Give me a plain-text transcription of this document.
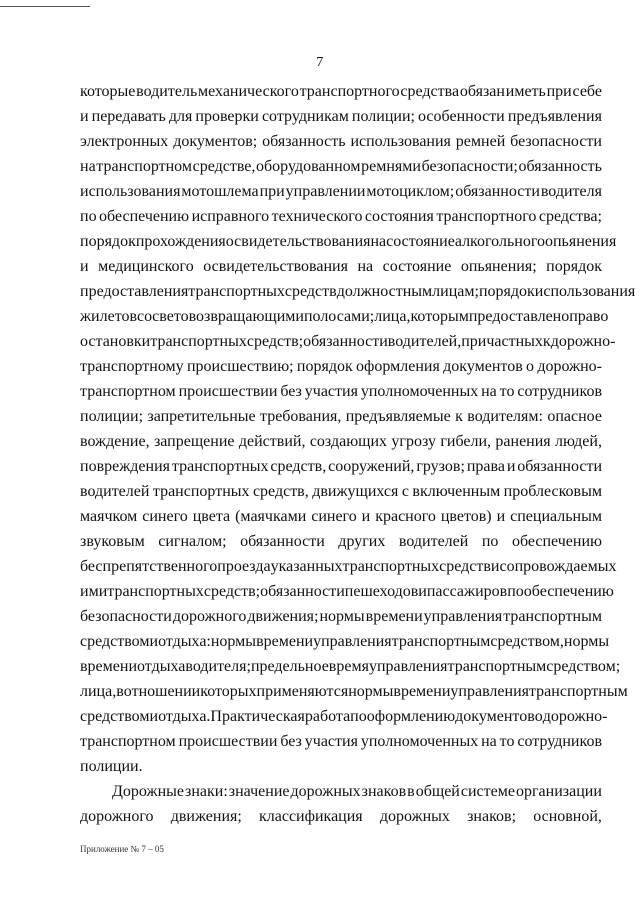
7
которые водитель механического транспортного средства обязан иметь при себе
и передавать для проверки сотрудникам полиции; особенности предъявления
электронных документов; обязанность использования ремней безопасности
на транспортном средстве, оборудованном ремнями безопасности; обязанность
использования мотошлема при управлении мотоциклом; обязанности водителя
по обеспечению исправного технического состояния транспортного средства;
порядок прохождения освидетельствования на состояние алкогольного опьянения
и медицинского освидетельствования на состояние опьянения; порядок
предоставления транспортных средств должностным лицам; порядок использования
жилетов со световозвращающими полосами; лица, которым предоставлено право
остановки транспортных средств; обязанности водителей, причастных к дорожно-
транспортному происшествию; порядок оформления документов о дорожно-
транспортном происшествии без участия уполномоченных на то сотрудников
полиции; запретительные требования, предъявляемые к водителям: опасное
вождение, запрещение действий, создающих угрозу гибели, ранения людей,
повреждения транспортных средств, сооружений, грузов; права и обязанности
водителей транспортных средств, движущихся с включенным проблесковым
маячком синего цвета (маячками синего и красного цветов) и специальным
звуковым сигналом; обязанности других водителей по обеспечению
беспрепятственного проезда указанных транспортных средств и сопровождаемых
ими транспортных средств; обязанности пешеходов и пассажиров по обеспечению
безопасности дорожного движения; нормы времени управления транспортным
средством и отдыха: нормы времени управления транспортным средством, нормы
времени отдыха водителя; предельное время управления транспортным средством;
лица, в отношении которых применяются нормы времени управления транспортным
средством и отдыха. Практическая работа по оформлению документов о дорожно-
транспортном происшествии без участия уполномоченных на то сотрудников
полиции.
Дорожные знаки: значение дорожных знаков в общей системе организации
дорожного движения; классификация дорожных знаков; основной,
Приложение № 7 – 05
